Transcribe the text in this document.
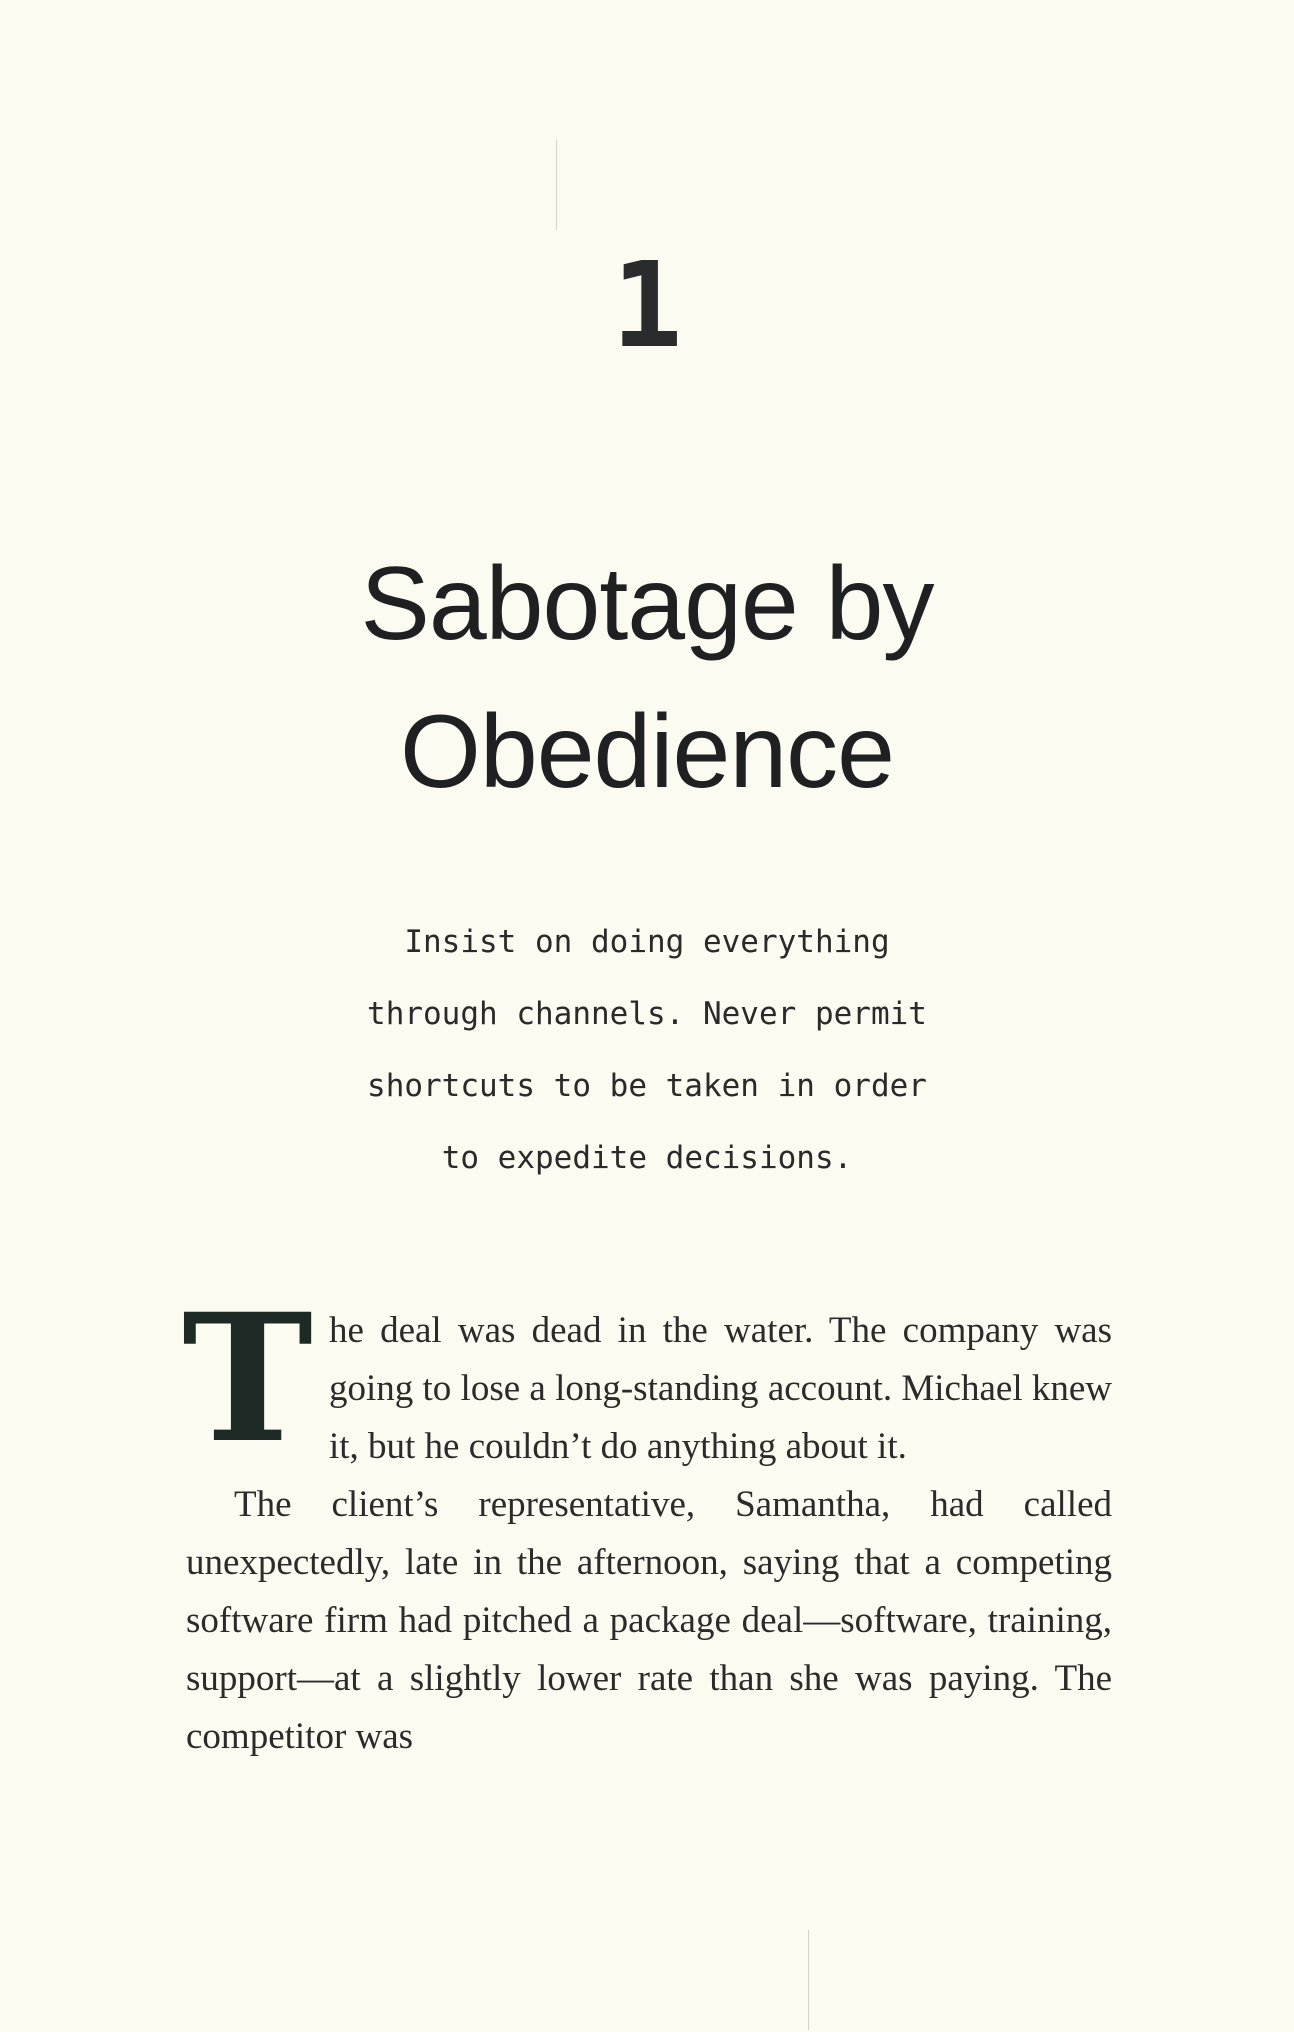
1
Sabotage by
Obedience
Insist on doing everything
through channels. Never permit
shortcuts to be taken in order
to expedite decisions.

The deal was dead in the water. The company was going to lose a long-standing account. Michael knew it, but he couldn’t do anything about it.

The client’s representative, Samantha, had called unexpectedly, late in the afternoon, saying that a competing software firm had pitched a package deal—software, training, support—at a slightly lower rate than she was paying. The competitor was
